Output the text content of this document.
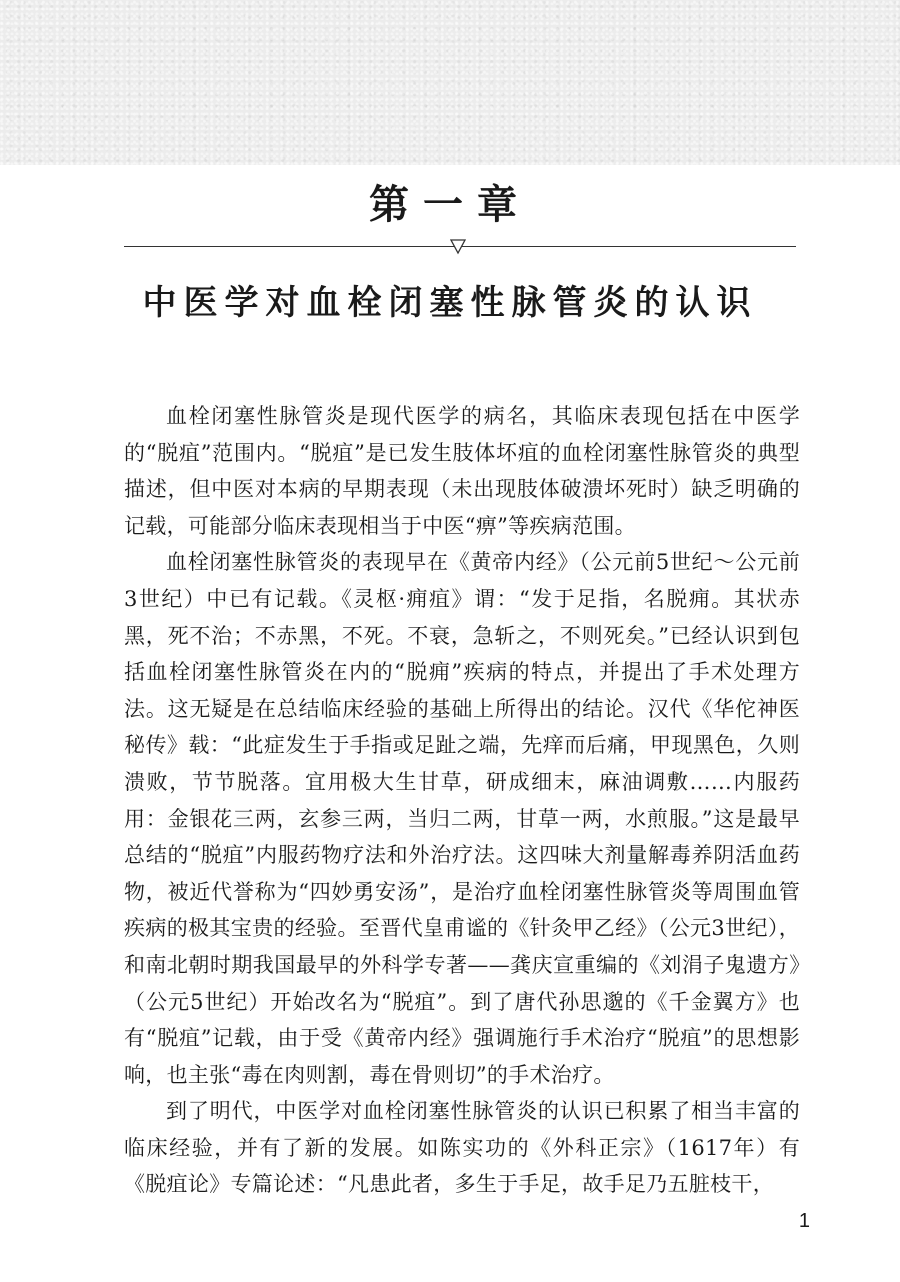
第一章
中医学对血栓闭塞性脉管炎的认识

血栓闭塞性脉管炎是现代医学的病名，其临床表现包括在中医学的“脱疽”范围内。“脱疽”是已发生肢体坏疽的血栓闭塞性脉管炎的典型描述，但中医对本病的早期表现（未出现肢体破溃坏死时）缺乏明确的记载，可能部分临床表现相当于中医“痹”等疾病范围。

血栓闭塞性脉管炎的表现早在《黄帝内经》（公元前5世纪～公元前3世纪）中已有记载。《灵枢·痈疽》谓：“发于足指，名脱痈。其状赤黑，死不治；不赤黑，不死。不衰，急斩之，不则死矣。”已经认识到包括血栓闭塞性脉管炎在内的“脱痈”疾病的特点，并提出了手术处理方法。这无疑是在总结临床经验的基础上所得出的结论。汉代《华佗神医秘传》载：“此症发生于手指或足趾之端，先痒而后痛，甲现黑色，久则溃败，节节脱落。宜用极大生甘草，研成细末，麻油调敷……内服药用：金银花三两，玄参三两，当归二两，甘草一两，水煎服。”这是最早总结的“脱疽”内服药物疗法和外治疗法。这四味大剂量解毒养阴活血药物，被近代誉称为“四妙勇安汤”，是治疗血栓闭塞性脉管炎等周围血管疾病的极其宝贵的经验。至晋代皇甫谧的《针灸甲乙经》（公元3世纪），和南北朝时期我国最早的外科学专著——龚庆宣重编的《刘涓子鬼遗方》（公元5世纪）开始改名为“脱疽”。到了唐代孙思邈的《千金翼方》也有“脱疽”记载，由于受《黄帝内经》强调施行手术治疗“脱疽”的思想影响，也主张“毒在肉则割，毒在骨则切”的手术治疗。

到了明代，中医学对血栓闭塞性脉管炎的认识已积累了相当丰富的临床经验，并有了新的发展。如陈实功的《外科正宗》（1617年）有《脱疽论》专篇论述：“凡患此者，多生于手足，故手足乃五脏枝干，

1
